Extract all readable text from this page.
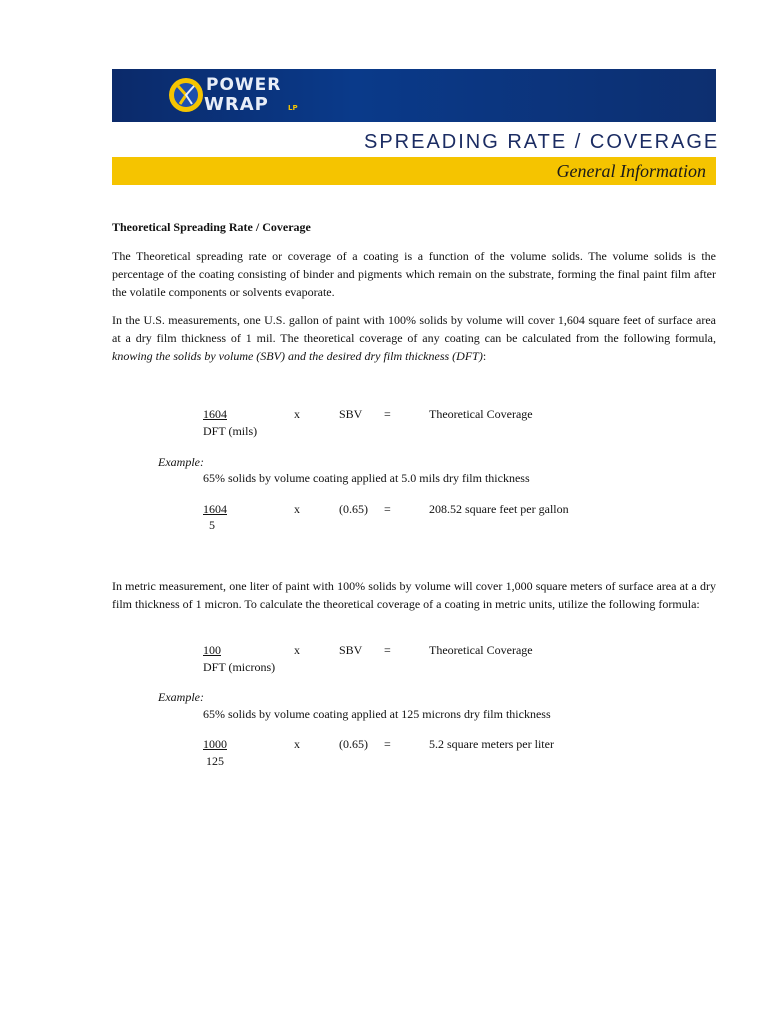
POWER
WRAP	LP
SPREADING RATE / COVERAGE
General Information
Theoretical Spreading Rate / Coverage
The Theoretical spreading rate or coverage of a coating is a function of the volume solids. The volume solids is the percentage of the coating consisting of binder and pigments which remain on the substrate, forming the final paint film after the volatile components or solvents evaporate.
In the U.S. measurements, one U.S. gallon of paint with 100% solids by volume will cover 1,604 square feet of surface area at a dry film thickness of 1 mil. The theoretical coverage of any coating can be calculated from the following formula, knowing the solids by volume (SBV) and the desired dry film thickness (DFT):
1604
DFT (mils)
x	SBV =	Theoretical Coverage
Example:
65% solids by volume coating applied at 5.0 mils dry film thickness
1604
5
x	(0.65) =	208.52 square feet per gallon
In metric measurement, one liter of paint with 100% solids by volume will cover 1,000 square meters of surface area at a dry film thickness of 1 micron. To calculate the theoretical coverage of a coating in metric units, utilize the following formula:
100
DFT (microns)
x	SBV =	Theoretical Coverage
Example:
65% solids by volume coating applied at 125 microns dry film thickness
1000
125
x	(0.65) =	5.2 square meters per liter
